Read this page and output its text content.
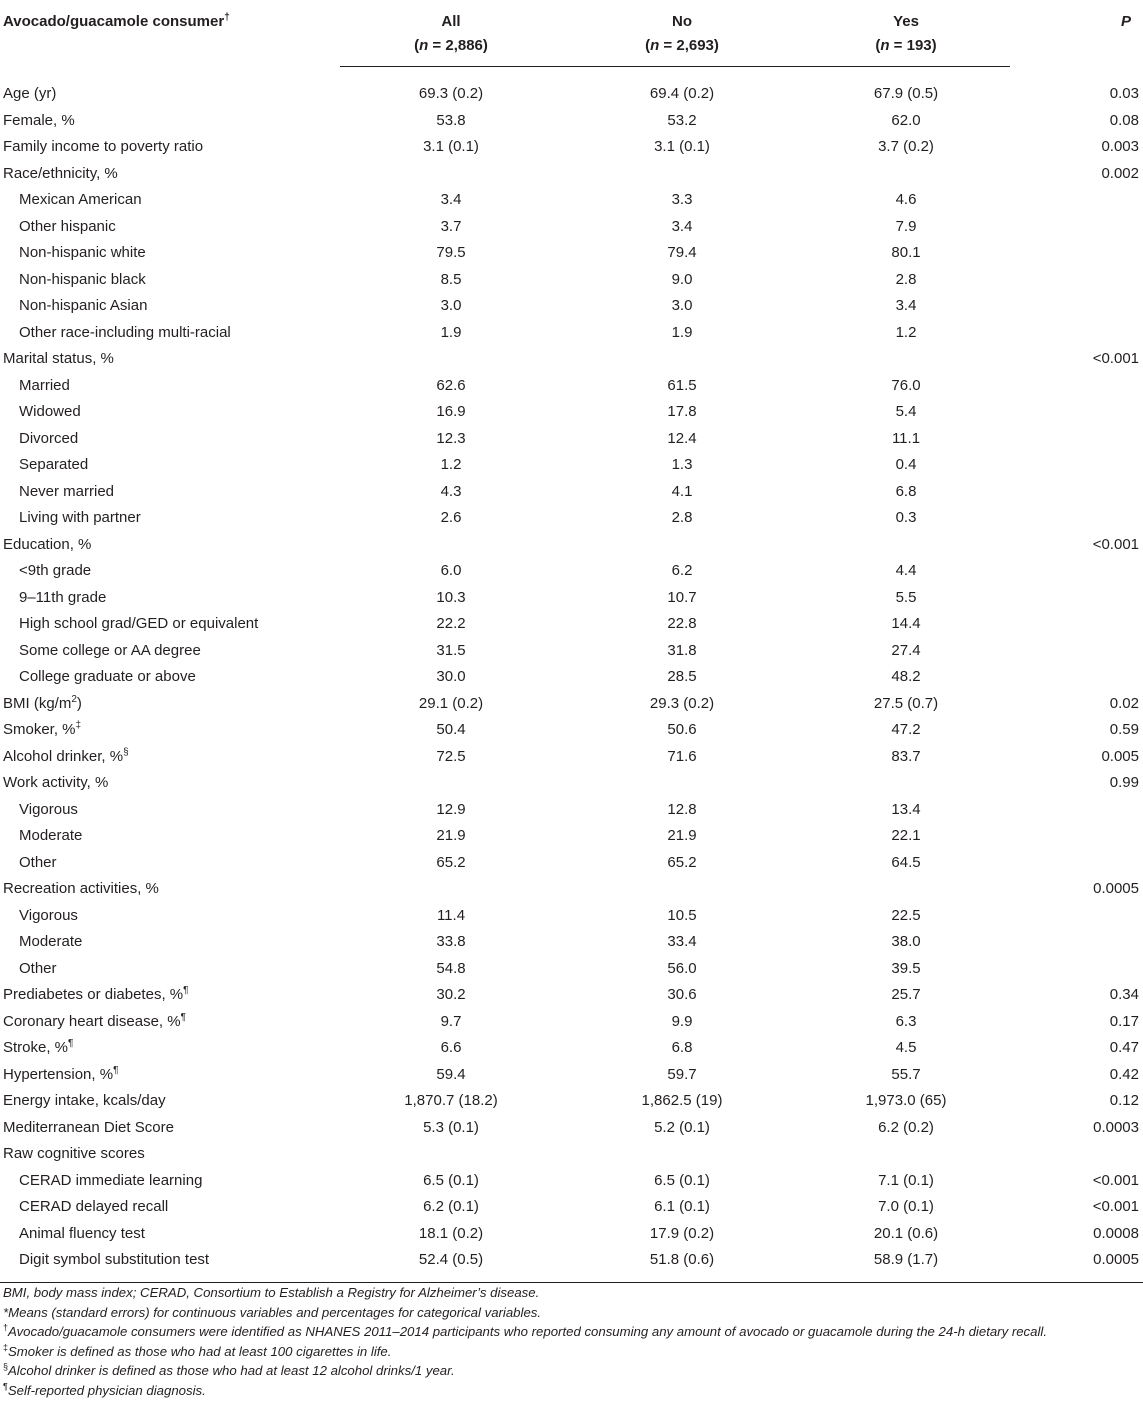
Avocado/guacamole consumer†	All	No	Yes	P
	(n = 2,886)	(n = 2,693)	(n = 193)	
Age (yr)	69.3 (0.2)	69.4 (0.2)	67.9 (0.5)	0.03
Female, %	53.8	53.2	62.0	0.08
Family income to poverty ratio	3.1 (0.1)	3.1 (0.1)	3.7 (0.2)	0.003
Race/ethnicity, %				0.002
Mexican American	3.4	3.3	4.6	
Other hispanic	3.7	3.4	7.9	
Non-hispanic white	79.5	79.4	80.1	
Non-hispanic black	8.5	9.0	2.8	
Non-hispanic Asian	3.0	3.0	3.4	
Other race-including multi-racial	1.9	1.9	1.2	
Marital status, %				<0.001
Married	62.6	61.5	76.0	
Widowed	16.9	17.8	5.4	
Divorced	12.3	12.4	11.1	
Separated	1.2	1.3	0.4	
Never married	4.3	4.1	6.8	
Living with partner	2.6	2.8	0.3	
Education, %				<0.001
<9th grade	6.0	6.2	4.4	
9–11th grade	10.3	10.7	5.5	
High school grad/GED or equivalent	22.2	22.8	14.4	
Some college or AA degree	31.5	31.8	27.4	
College graduate or above	30.0	28.5	48.2	
BMI $(kg/m^2)$	29.1 (0.2)	29.3 (0.2)	27.5 (0.7)	0.02
Smoker, %‡	50.4	50.6	47.2	0.59
Alcohol drinker, %§	72.5	71.6	83.7	0.005
Work activity, %				0.99
Vigorous	12.9	12.8	13.4	
Moderate	21.9	21.9	22.1	
Other	65.2	65.2	64.5	
Recreation activities, %				0.0005
Vigorous	11.4	10.5	22.5	
Moderate	33.8	33.4	38.0	
Other	54.8	56.0	39.5	
Prediabetes or diabetes, %¶	30.2	30.6	25.7	0.34
Coronary heart disease, %¶	9.7	9.9	6.3	0.17
Stroke, %¶	6.6	6.8	4.5	0.47
Hypertension, %¶	59.4	59.7	55.7	0.42
Energy intake, kcals/day	1,870.7 (18.2)	1,862.5 (19)	1,973.0 (65)	0.12
Mediterranean Diet Score	5.3 (0.1)	5.2 (0.1)	6.2 (0.2)	0.0003
Raw cognitive scores				
CERAD immediate learning	6.5 (0.1)	6.5 (0.1)	7.1 (0.1)	<0.001
CERAD delayed recall	6.2 (0.1)	6.1 (0.1)	7.0 (0.1)	<0.001
Animal fluency test	18.1 (0.2)	17.9 (0.2)	20.1 (0.6)	0.0008
Digit symbol substitution test	52.4 (0.5)	51.8 (0.6)	58.9 (1.7)	0.0005
BMI, body mass index; CERAD, Consortium to Establish a Registry for Alzheimer’s disease.
*Means (standard errors) for continuous variables and percentages for categorical variables.
†Avocado/guacamole consumers were identified as NHANES 2011–2014 participants who reported consuming any amount of avocado or guacamole during the 24-h dietary recall.
‡Smoker is defined as those who had at least 100 cigarettes in life.
§Alcohol drinker is defined as those who had at least 12 alcohol drinks/1 year.
¶Self-reported physician diagnosis.
